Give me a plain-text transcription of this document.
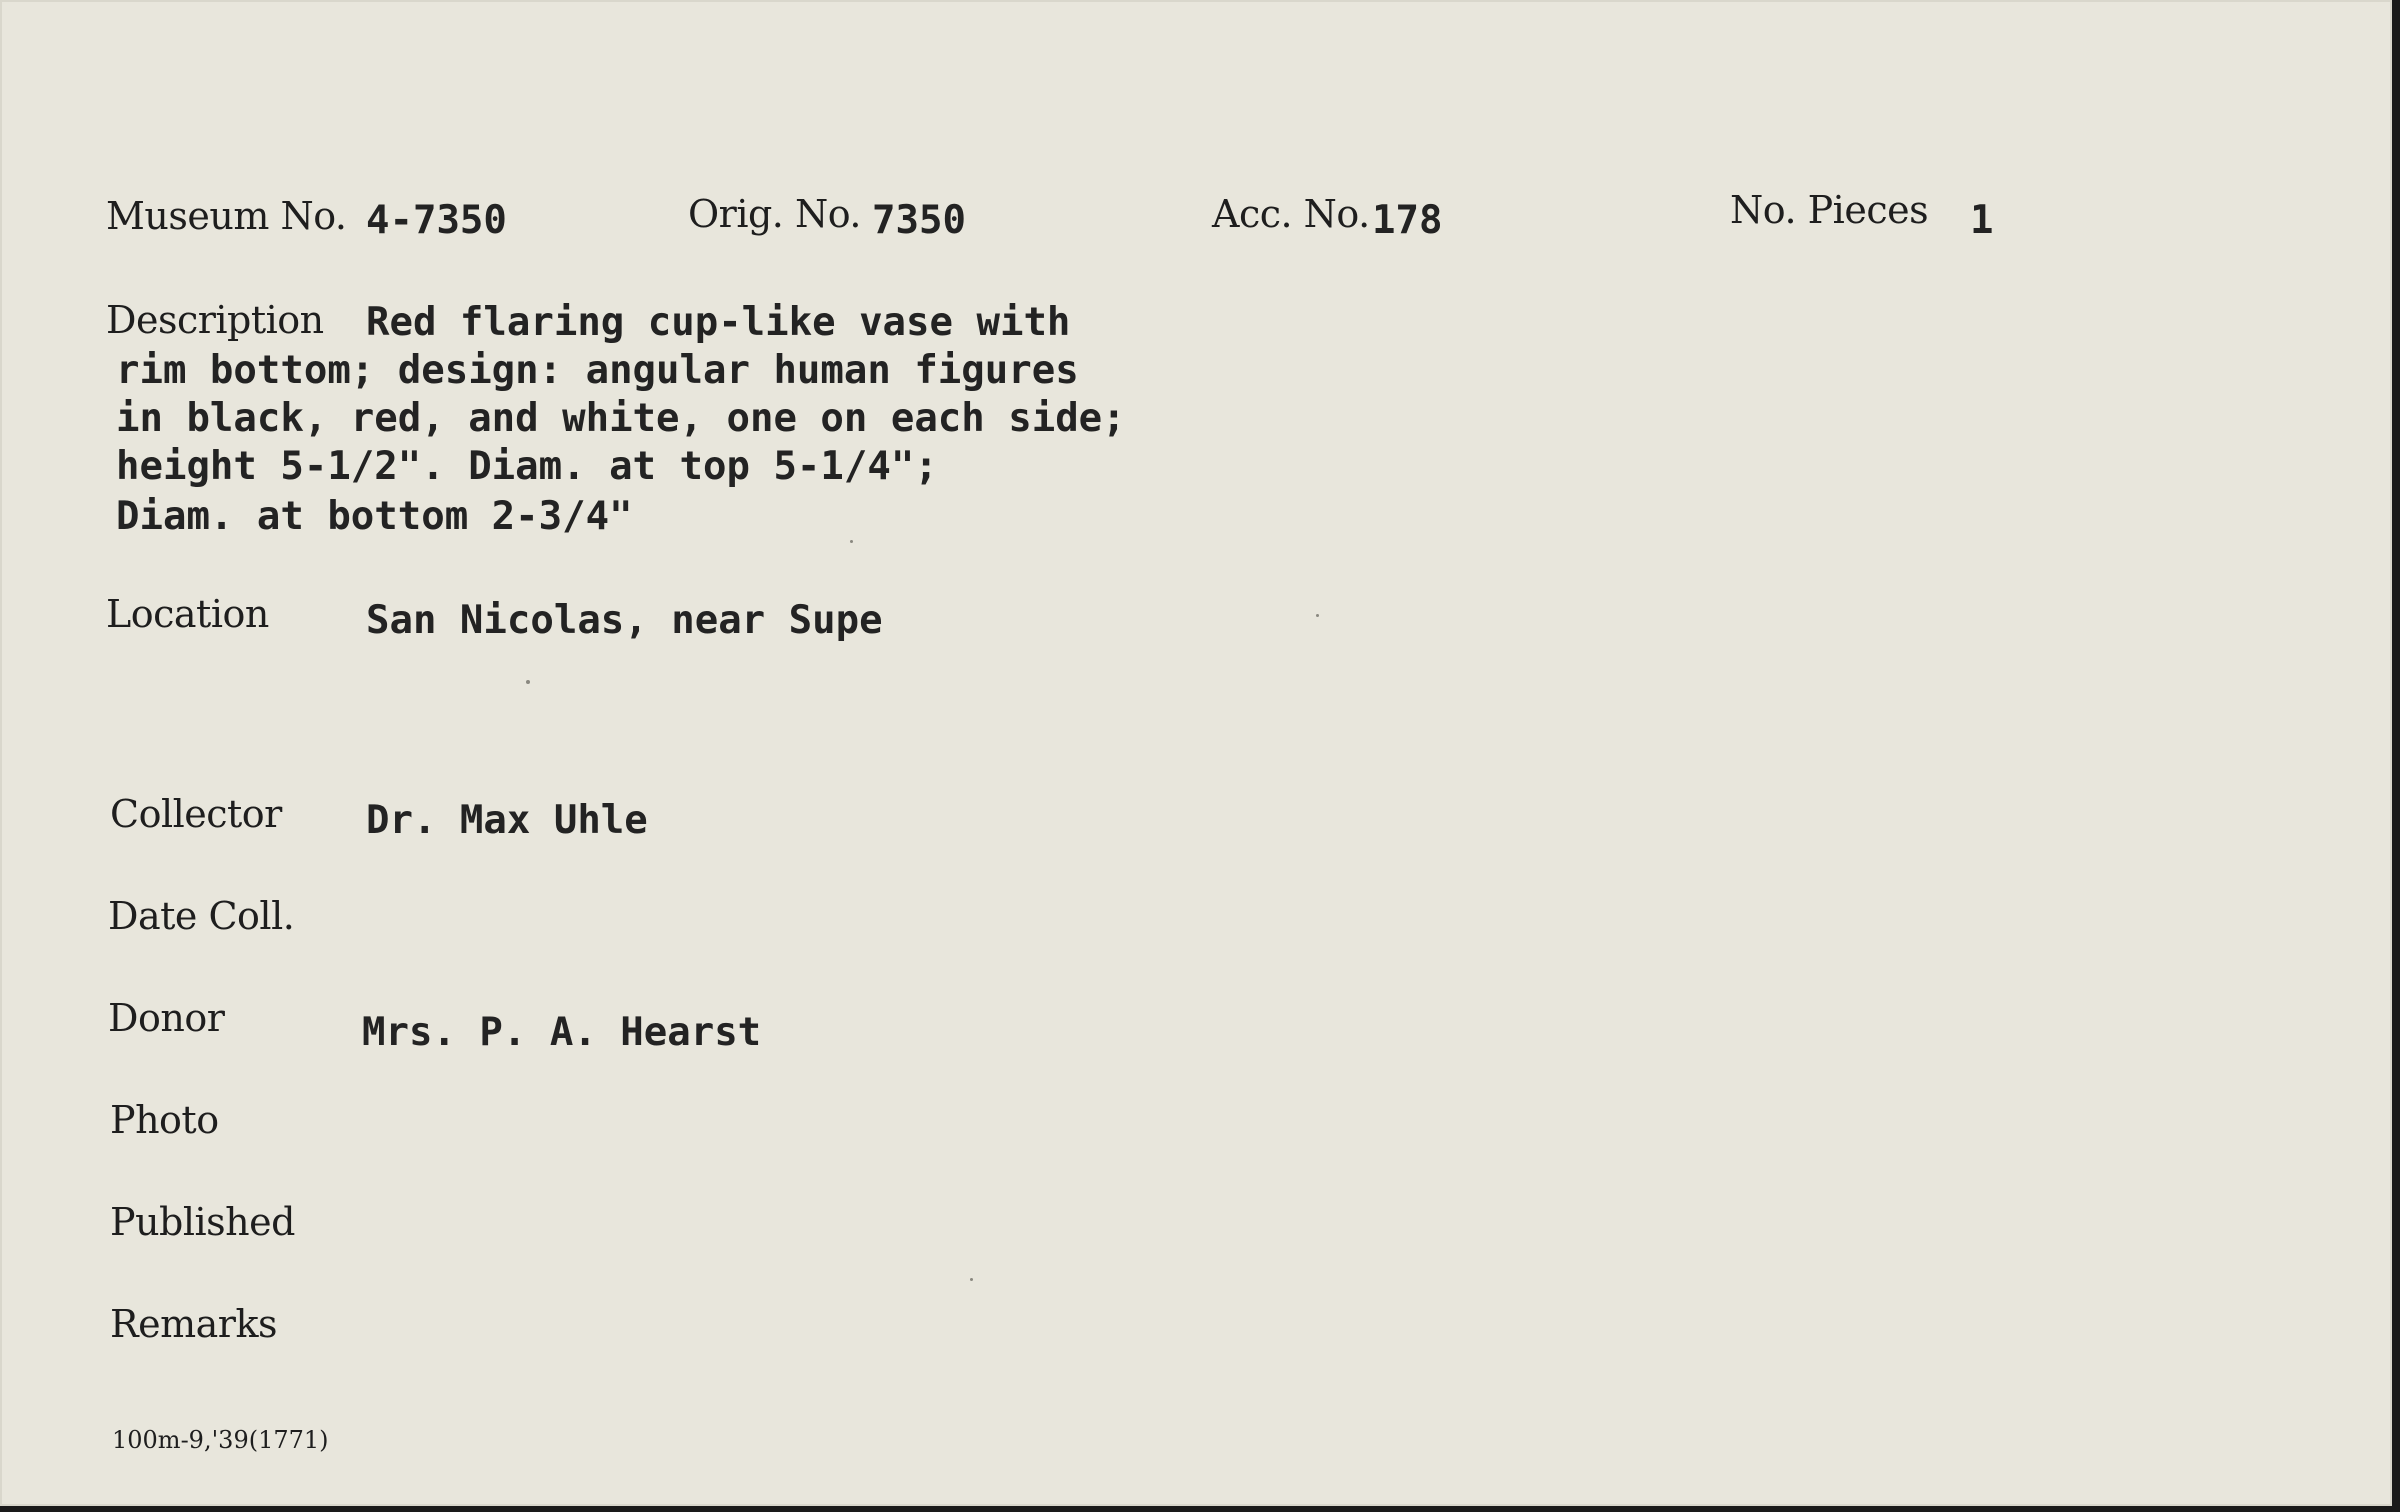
Museum No. 4-7350	Orig. No. 7350	Acc. No. 178	No. Pieces 1
Description Red flaring cup-like vase with
rim bottom; design: angular human figures
in black, red, and white, one on each side;
height 5-1/2". Diam. at top 5-1/4";
Diam. at bottom 2-3/4"
Location San Nicolas, near Supe
Collector Dr. Max Uhle
Date Coll.
Donor	Mrs. P. A. Hearst
Photo
Published
Remarks
100m-9,'39(1771)
